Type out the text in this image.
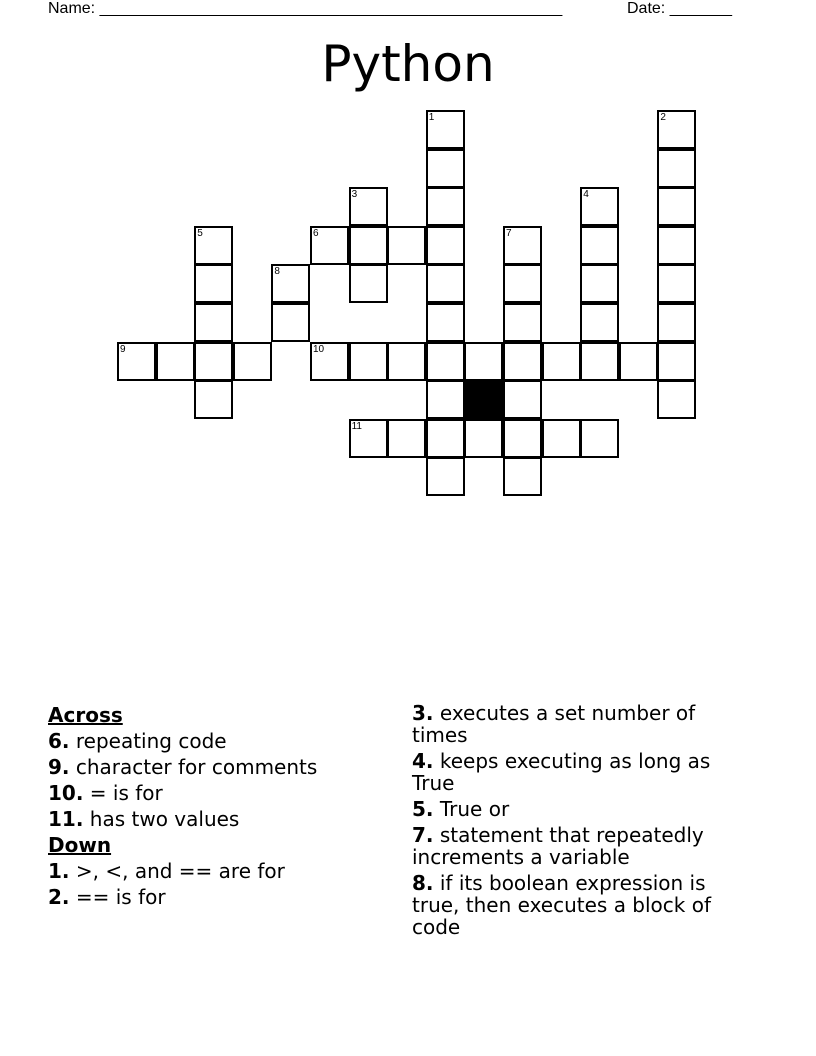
Name: ____________________________________________________	Date: _______
Python
1	2
3	4
5	6	7
8
9	10
11
Across
6. repeating code
9. character for comments
10. = is for
11. has two values
Down
1. >, <, and == are for
2. == is for
3. executes a set number of times
4. keeps executing as long as True
5. True or
7. statement that repeatedly increments a variable
8. if its boolean expression is true, then executes a block of code
